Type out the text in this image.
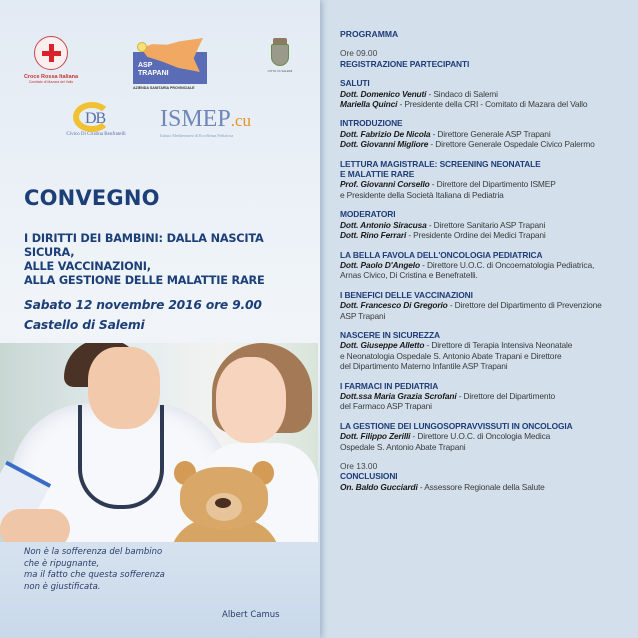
Croce Rossa Italiana
Comitato di Mazara del Vallo
ASP
TRAPANI
AZIENDA SANITARIA PROVINCIALE
CITTA' DI SALEMI
DB
Civico Di Cristina Benfratelli
ISMEP.cu
Istituto Mediterraneo di Eccellenza Pediatrica
CONVEGNO
I DIRITTI DEI BAMBINI: DALLA NASCITA SICURA,
ALLE VACCINAZIONI,
ALLA GESTIONE DELLE MALATTIE RARE
Sabato 12 novembre 2016 ore 9.00
Castello di Salemi
Non è la sofferenza del bambino
che è ripugnante,
ma il fatto che questa sofferenza
non è giustificata.
Albert Camus
PROGRAMMA
Ore 09.00
REGISTRAZIONE PARTECIPANTI
SALUTI
Dott. Domenico Venuti - Sindaco di Salemi
Mariella Quinci - Presidente della CRI - Comitato di Mazara del Vallo
INTRODUZIONE
Dott. Fabrizio De Nicola - Direttore Generale ASP Trapani
Dott. Giovanni Migliore - Direttore Generale Ospedale Civico Palermo
LETTURA MAGISTRALE: SCREENING NEONATALE
E MALATTIE RARE
Prof. Giovanni Corsello - Direttore del Dipartimento ISMEP
e Presidente della Società Italiana di Pediatria
MODERATORI
Dott. Antonio Siracusa - Direttore Sanitario ASP Trapani
Dott. Rino Ferrari - Presidente Ordine dei Medici Trapani
LA BELLA FAVOLA DELL'ONCOLOGIA PEDIATRICA
Dott. Paolo D'Angelo - Direttore U.O.C. di Oncoematologia Pediatrica,
Arnas Civico, Di Cristina e Benefratelli.
I BENEFICI DELLE VACCINAZIONI
Dott. Francesco Di Gregorio - Direttore del Dipartimento di Prevenzione
ASP Trapani
NASCERE IN SICUREZZA
Dott. Giuseppe Alletto - Direttore di Terapia Intensiva Neonatale
e Neonatologia Ospedale S. Antonio Abate Trapani e Direttore
del Dipartimento Materno Infantile ASP Trapani
I FARMACI IN PEDIATRIA
Dott.ssa Maria Grazia Scrofani - Direttore del Dipartimento
del Farmaco ASP Trapani
LA GESTIONE DEI LUNGOSOPRAVVISSUTI IN ONCOLOGIA
Dott. Filippo Zerilli - Direttore U.O.C. di Oncologia Medica
Ospedale S. Antonio Abate Trapani
Ore 13.00
CONCLUSIONI
On. Baldo Gucciardi - Assessore Regionale della Salute
